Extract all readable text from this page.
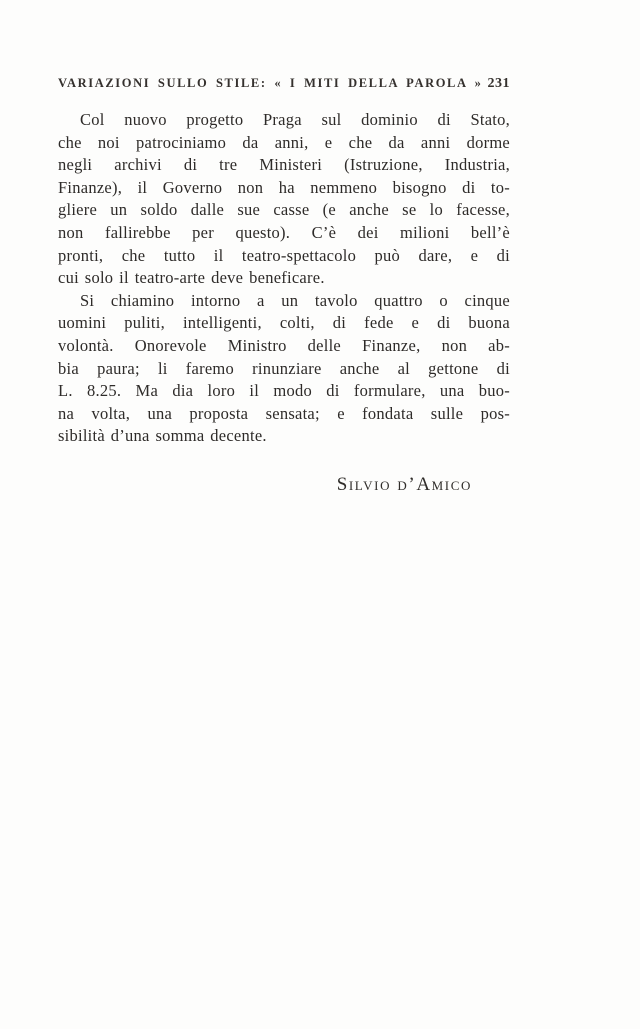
VARIAZIONI SULLO STILE: « I MITI DELLA PAROLA » 231
Col nuovo progetto Praga sul dominio di Stato,
che noi patrociniamo da anni, e che da anni dorme
negli archivi di tre Ministeri (Istruzione, Industria,
Finanze), il Governo non ha nemmeno bisogno di to-
gliere un soldo dalle sue casse (e anche se lo facesse,
non fallirebbe per questo). C’è dei milioni bell’è
pronti, che tutto il teatro-spettacolo può dare, e di
cui solo il teatro-arte deve beneficare.
Si chiamino intorno a un tavolo quattro o cinque
uomini puliti, intelligenti, colti, di fede e di buona
volontà. Onorevole Ministro delle Finanze, non ab-
bia paura; li faremo rinunziare anche al gettone di
L. 8.25. Ma dia loro il modo di formulare, una buo-
na volta, una proposta sensata; e fondata sulle pos-
sibilità d’una somma decente.
Silvio d’Amico
